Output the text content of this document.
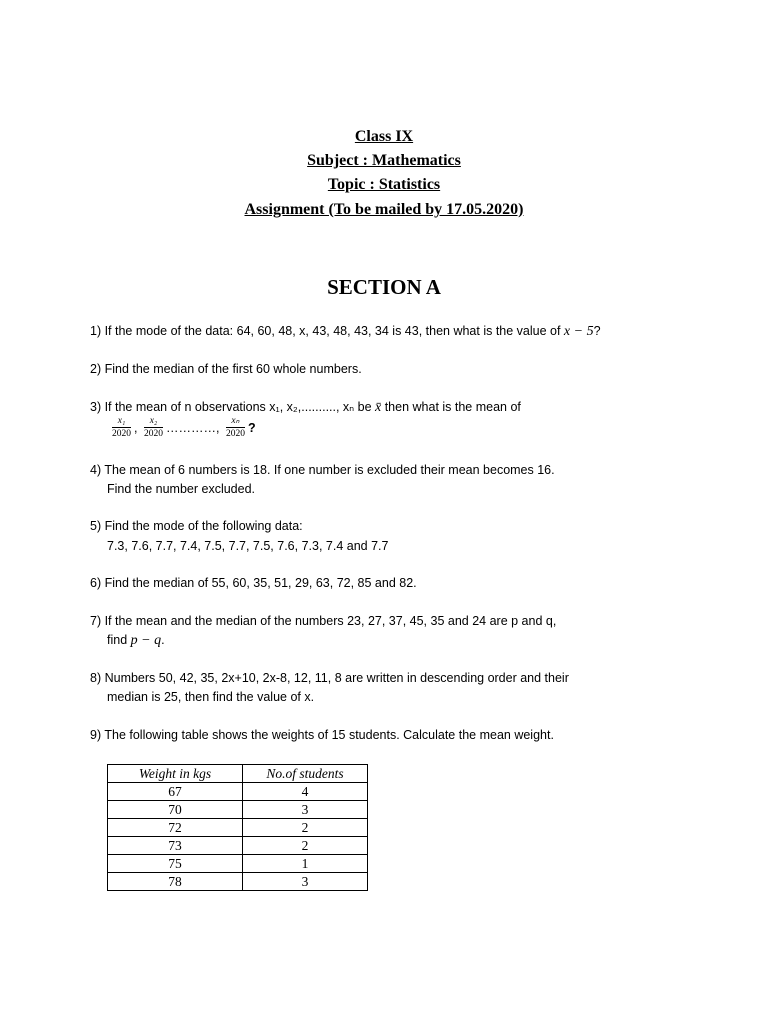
Class IX
Subject : Mathematics
Topic : Statistics
Assignment (To be mailed by 17.05.2020)
SECTION A
1) If the mode of the data: 64, 60, 48, x, 43, 48, 43, 34 is 43, then what is the value of x − 5?
2) Find the median of the first 60 whole numbers.
3) If the mean of n observations x₁, x₂,.........., xₙ be x̄ then what is the mean of
$\frac{\text{x₁}}{2020}$ , $\frac{\text{x₂}}{2020}$ …………, $\frac{\text{xₙ}}{2020}$ ?
4) The mean of 6 numbers is 18. If one number is excluded their mean becomes 16.
Find the number excluded.
5) Find the mode of the following data:
7.3, 7.6, 7.7, 7.4, 7.5, 7.7, 7.5, 7.6, 7.3, 7.4 and 7.7
6) Find the median of 55, 60, 35, 51, 29, 63, 72, 85 and 82.
7) If the mean and the median of the numbers 23, 27, 37, 45, 35 and 24 are p and q,
find p − q.
8) Numbers 50, 42, 35, 2x+10, 2x-8, 12, 11, 8 are written in descending order and their
median is 25, then find the value of x.
9) The following table shows the weights of 15 students. Calculate the mean weight.
Weight in kgs	No.of students
67	4
70	3
72	2
73	2
75	1
78	3
